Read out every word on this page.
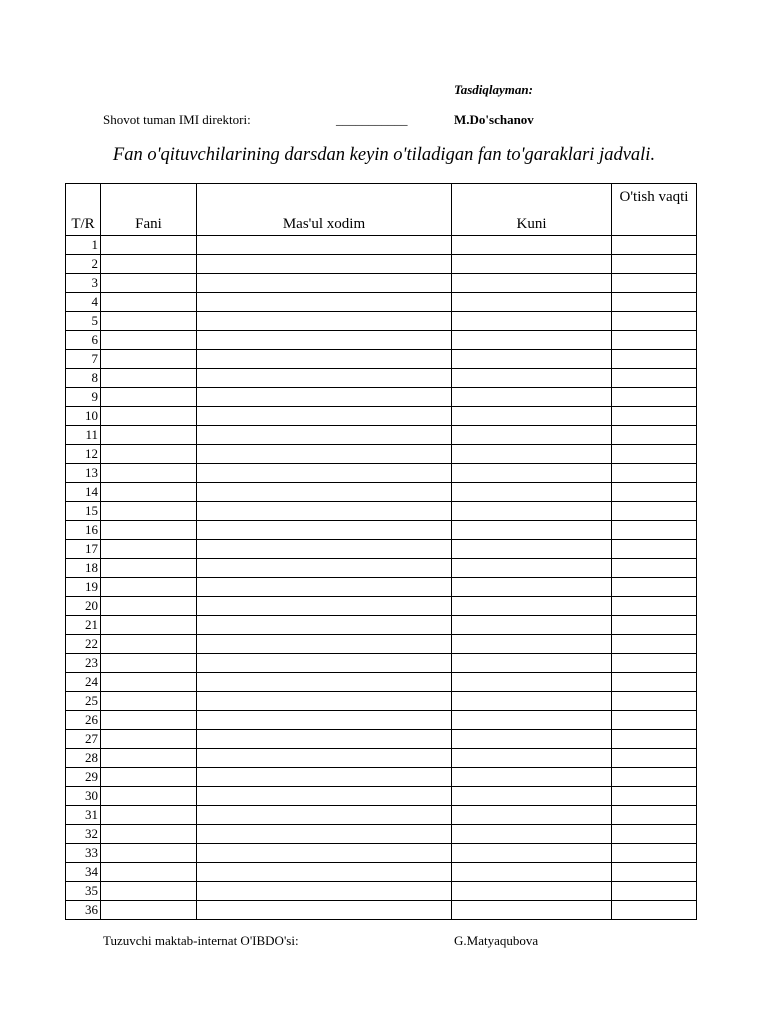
Tasdiqlayman:
Shovot tuman IMI direktori:	___________	M.Do'schanov
Fan o'qituvchilarining darsdan keyin o'tiladigan fan to'garaklari jadvali.
T/R	Fani	Mas'ul xodim	Kuni	O'tish vaqti
1				
2				
3				
4				
5				
6				
7				
8				
9				
10				
11				
12				
13				
14				
15				
16				
17				
18				
19				
20				
21				
22				
23				
24				
25				
26				
27				
28				
29				
30				
31				
32				
33				
34				
35				
36				
Tuzuvchi maktab-internat O'IBDO'si:	G.Matyaqubova
